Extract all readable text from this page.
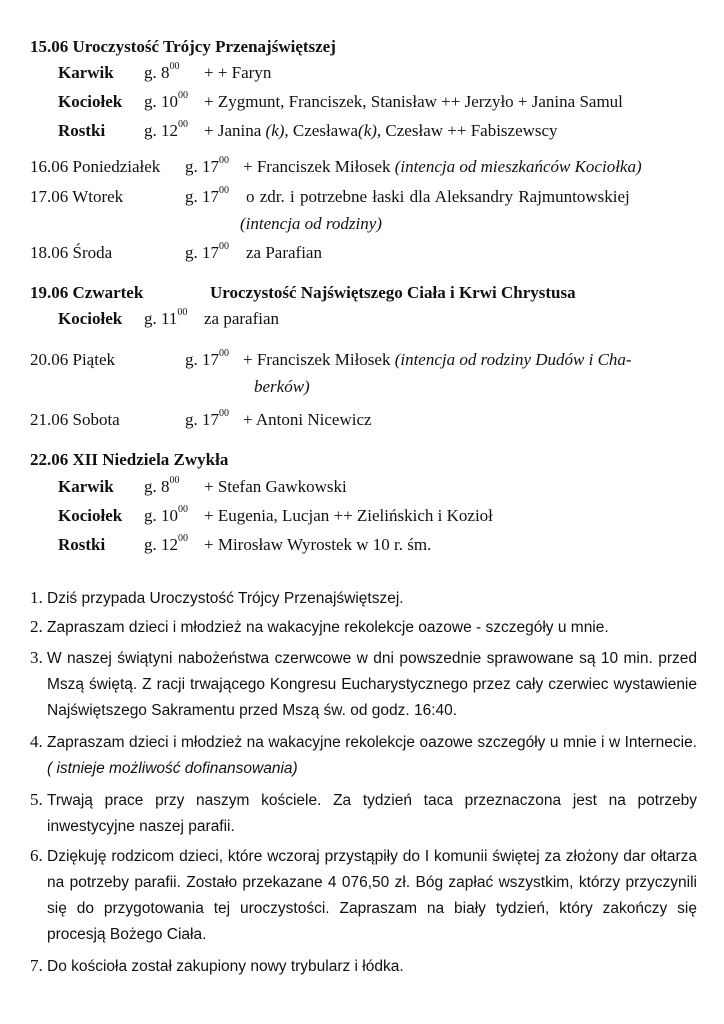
15.06 Uroczystość Trójcy Przenajświętszej
Karwik g. $8^{00}$ + + Faryn
Kociołek g. $10^{00}$ + Zygmunt, Franciszek, Stanisław ++ Jerzyło + Janina Samul
Rostki g. $12^{00}$ + Janina (k), Czesława(k), Czesław ++ Fabiszewscy
16.06 Poniedziałek g. $17^{00}$ + Franciszek Miłosek (intencja od mieszkańców Kociołka)
17.06 Wtorek	g. $17^{00}$ o zdr. i potrzebne łaski dla Aleksandry Rajmuntowskiej
(intencja od rodziny)
18.06 Środa	g. $17^{00}$ za Parafian
19.06 Czwartek	Uroczystość Najświętszego Ciała i Krwi Chrystusa
Kociołek g. $11^{00}$ za parafian
20.06 Piątek	g. $17^{00}$ + Franciszek Miłosek (intencja od rodziny Dudów i Cha-
berków)
21.06 Sobota	g. $17^{00}$ + Antoni Nicewicz
22.06 XII Niedziela Zwykła
Karwik g. $8^{00}$ + Stefan Gawkowski
Kociołek g. $10^{00}$ + Eugenia, Lucjan ++ Zielińskich i Kozioł
Rostki g. $12^{00}$ + Mirosław Wyrostek w 10 r. śm.
1. Dziś przypada Uroczystość Trójcy Przenajświętszej.
2. Zapraszam dzieci i młodzież na wakacyjne rekolekcje oazowe - szczegóły u mnie.
3. W naszej świątyni nabożeństwa czerwcowe w dni powszednie sprawowane są 10 min. przed Mszą świętą. Z racji trwającego Kongresu Eucharystycznego przez cały czerwiec wystawienie Najświętszego Sakramentu przed Mszą św. od godz. 16:40.
4. Zapraszam dzieci i młodzież na wakacyjne rekolekcje oazowe szczegóły u mnie i w Internecie. ( istnieje możliwość dofinansowania)
5. Trwają prace przy naszym kościele. Za tydzień taca przeznaczona jest na potrzeby inwestycyjne naszej parafii.
6. Dziękuję rodzicom dzieci, które wczoraj przystąpiły do I komunii świętej za złożony dar ołtarza na potrzeby parafii. Zostało przekazane 4 076,50 zł. Bóg zapłać wszystkim, którzy przyczynili się do przygotowania tej uroczystości. Zapraszam na biały tydzień, który zakończy się procesją Bożego Ciała.
7. Do kościoła został zakupiony nowy trybularz i łódka.
